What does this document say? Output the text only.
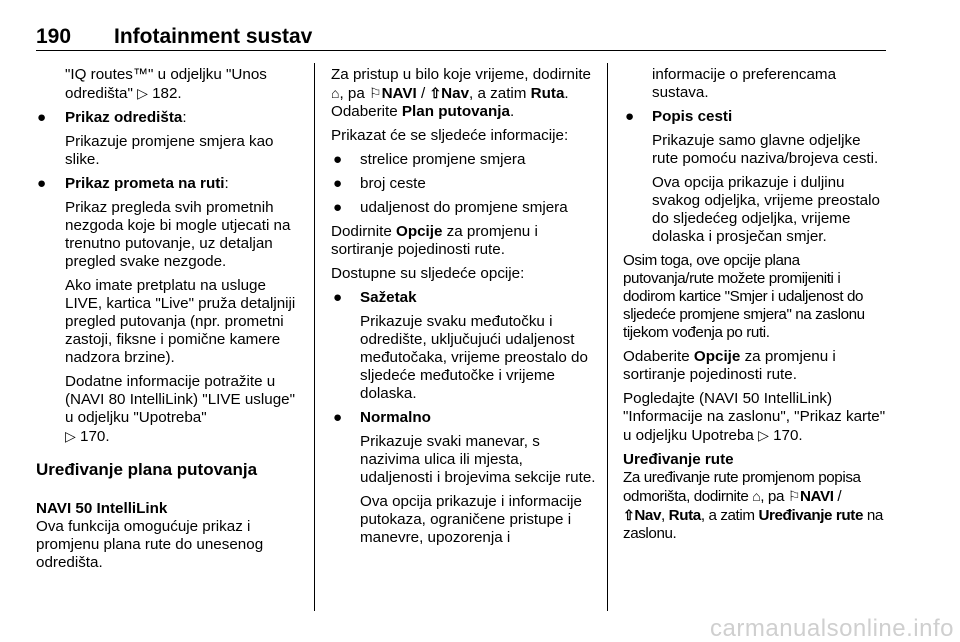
190 Infotainment sustav

"IQ routes™" u odjeljku "Unos odredišta" ▷ 182.

● Prikaz odredišta:

Prikazuje promjene smjera kao slike.

● Prikaz prometa na ruti:

Prikaz pregleda svih prometnih nezgoda koje bi mogle utjecati na trenutno putovanje, uz detaljan pregled svake nezgode.

Ako imate pretplatu na usluge LIVE, kartica "Live" pruža detaljniji pregled putovanja (npr. prometni zastoji, fiksne i pomične kamere nadzora brzine).

Dodatne informacije potražite u (NAVI 80 IntelliLink) "LIVE usluge" u odjeljku "Upotreba"
▷ 170.

Uređivanje plana putovanja

NAVI 50 IntelliLink

Ova funkcija omogućuje prikaz i promjenu plana rute do unesenog odredišta.

Za pristup u bilo koje vrijeme, dodirnite ⌂, pa ⚐NAVI / ⇧Nav, a zatim Ruta. Odaberite Plan putovanja.

Prikazat će se sljedeće informacije:

● strelice promjene smjera
● broj ceste
● udaljenost do promjene smjera

Dodirnite Opcije za promjenu i sortiranje pojedinosti rute.

Dostupne su sljedeće opcije:

● Sažetak

Prikazuje svaku međutočku i odredište, uključujući udaljenost međutočaka, vrijeme preostalo do sljedeće međutočke i vrijeme dolaska.

● Normalno

Prikazuje svaki manevar, s nazivima ulica ili mjesta, udaljenosti i brojevima sekcije rute.

Ova opcija prikazuje i informacije putokaza, ograničene pristupe i manevre, upozorenja i

informacije o preferencama sustava.

● Popis cesti

Prikazuje samo glavne odjeljke rute pomoću naziva/brojeva cesti.

Ova opcija prikazuje i duljinu svakog odjeljka, vrijeme preostalo do sljedećeg odjeljka, vrijeme dolaska i prosječan smjer.

Osim toga, ove opcije plana putovanja/rute možete promijeniti i dodirom kartice "Smjer i udaljenost do sljedeće promjene smjera" na zaslonu tijekom vođenja po ruti.

Odaberite Opcije za promjenu i sortiranje pojedinosti rute.

Pogledajte (NAVI 50 IntelliLink) "Informacije na zaslonu", "Prikaz karte" u odjeljku Upotreba ▷ 170.

Uređivanje rute

Za uređivanje rute promjenom popisa odmorišta, dodirnite ⌂, pa ⚐NAVI /
⇧Nav, Ruta, a zatim Uređivanje rute na zaslonu.

carmanualsonline.info
